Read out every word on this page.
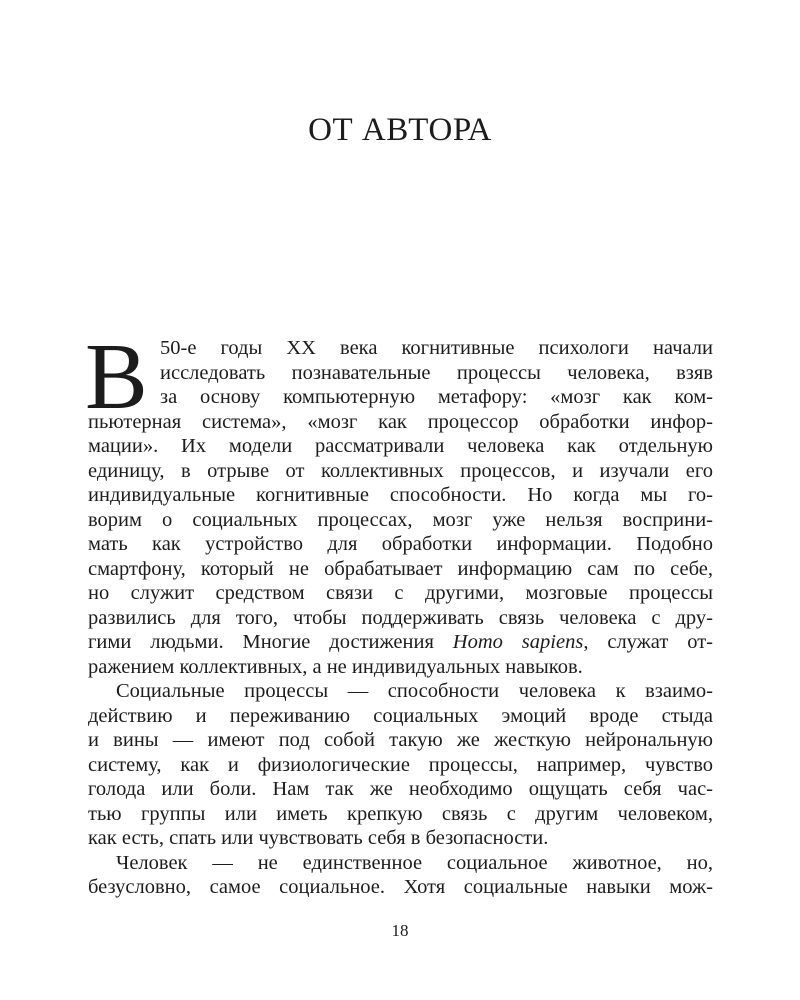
ОТ АВТОРА
В 50-е годы XX века когнитивные психологи начали
исследовать познавательные процессы человека, взяв
за основу компьютерную метафору: «мозг как ком-
пьютерная система», «мозг как процессор обработки инфор-
мации». Их модели рассматривали человека как отдельную
единицу, в отрыве от коллективных процессов, и изучали его
индивидуальные когнитивные способности. Но когда мы го-
ворим о социальных процессах, мозг уже нельзя восприни-
мать как устройство для обработки информации. Подобно
смартфону, который не обрабатывает информацию сам по себе,
но служит средством связи с другими, мозговые процессы
развились для того, чтобы поддерживать связь человека с дру-
гими людьми. Многие достижения Homo sapiens, служат от-
ражением коллективных, а не индивидуальных навыков.
Социальные процессы — способности человека к взаимо-
действию и переживанию социальных эмоций вроде стыда
и вины — имеют под собой такую же жесткую нейрональную
систему, как и физиологические процессы, например, чувство
голода или боли. Нам так же необходимо ощущать себя час-
тью группы или иметь крепкую связь с другим человеком,
как есть, спать или чувствовать себя в безопасности.
Человек — не единственное социальное животное, но,
безусловно, самое социальное. Хотя социальные навыки мож-
18
